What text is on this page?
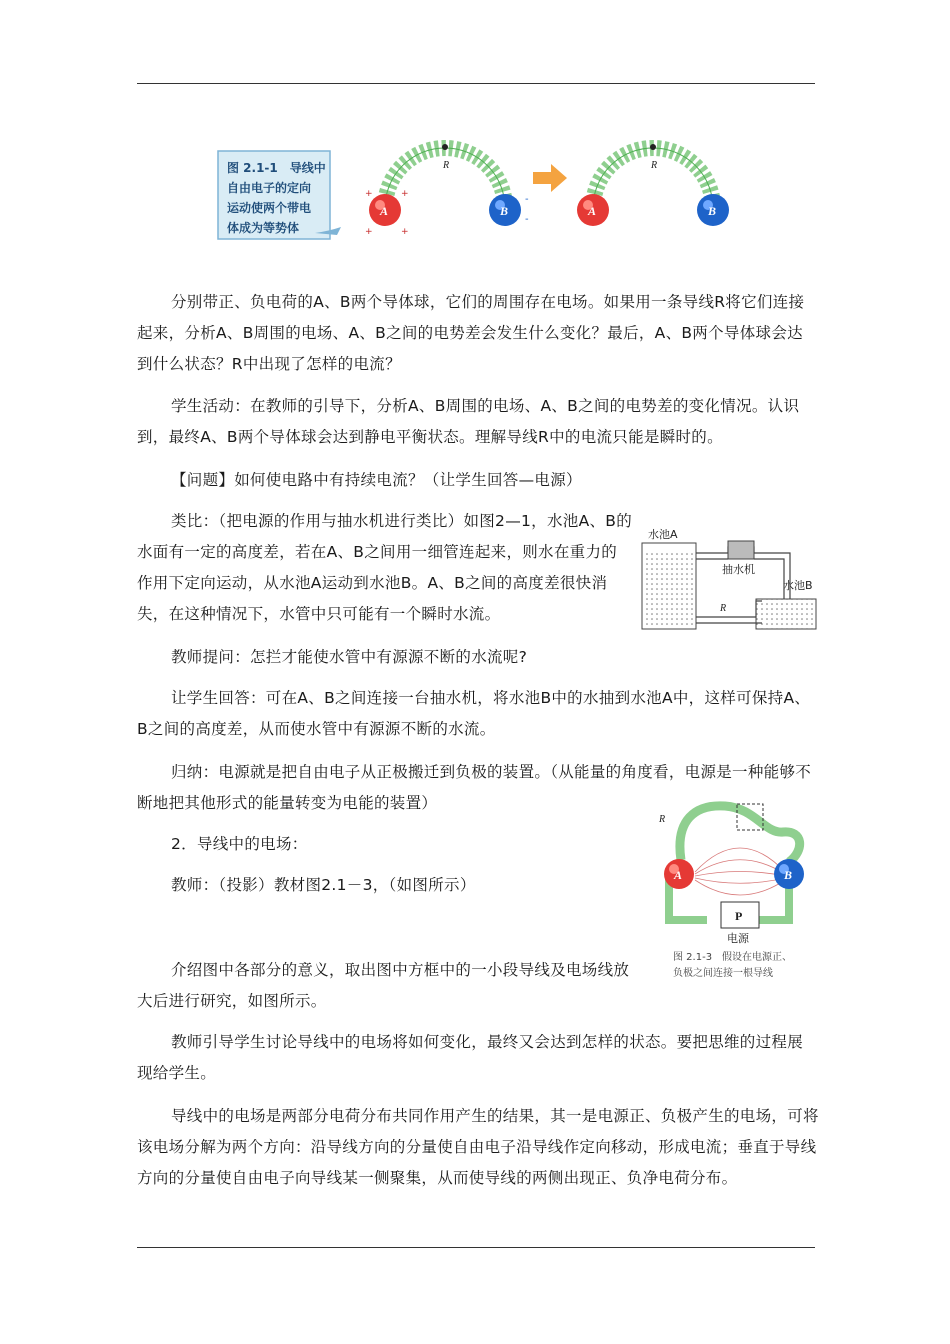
图 2.1-1　导线中
自由电子的定向
运动使两个带电
体成为等势体
R
A	B
+	+
+	+
-
-
R
A	B

分别带正、负电荷的A、B两个导体球，它们的周围存在电场。如果用一条导线R将它们连接起来，分析A、B周围的电场、A、B之间的电势差会发生什么变化？最后，A、B两个导体球会达到什么状态？R中出现了怎样的电流？

学生活动：在教师的引导下，分析A、B周围的电场、A、B之间的电势差的变化情况。认识到，最终A、B两个导体球会达到静电平衡状态。理解导线R中的电流只能是瞬时的。

【问题】如何使电路中有持续电流？（让学生回答—电源）

类比：（把电源的作用与抽水机进行类比）如图2—1，水池A、B的水面有一定的高度差，若在A、B之间用一细管连起来，则水在重力的作用下定向运动，从水池A运动到水池B。A、B之间的高度差很快消失，在这种情况下，水管中只可能有一个瞬时水流。

水池A
抽水机
水池B
R

教师提问：怎拦才能使水管中有源源不断的水流呢?

让学生回答：可在A、B之间连接一台抽水机，将水池B中的水抽到水池A中，这样可保持A、B之间的高度差，从而使水管中有源源不断的水流。

归纳：电源就是把自由电子从正极搬迁到负极的装置。（从能量的角度看，电源是一种能够不断地把其他形式的能量转变为电能的装置）

2．导线中的电场：

教师：（投影）教材图2.1－3，（如图所示）

R
A	B
P
电源
图 2.1-3　假设在电源正、
负极之间连接一根导线

介绍图中各部分的意义，取出图中方框中的一小段导线及电场线放大后进行研究，如图所示。

教师引导学生讨论导线中的电场将如何变化，最终又会达到怎样的状态。要把思维的过程展现给学生。

导线中的电场是两部分电荷分布共同作用产生的结果，其一是电源正、负极产生的电场，可将该电场分解为两个方向：沿导线方向的分量使自由电子沿导线作定向移动，形成电流；垂直于导线方向的分量使自由电子向导线某一侧聚集，从而使导线的两侧出现正、负净电荷分布。
